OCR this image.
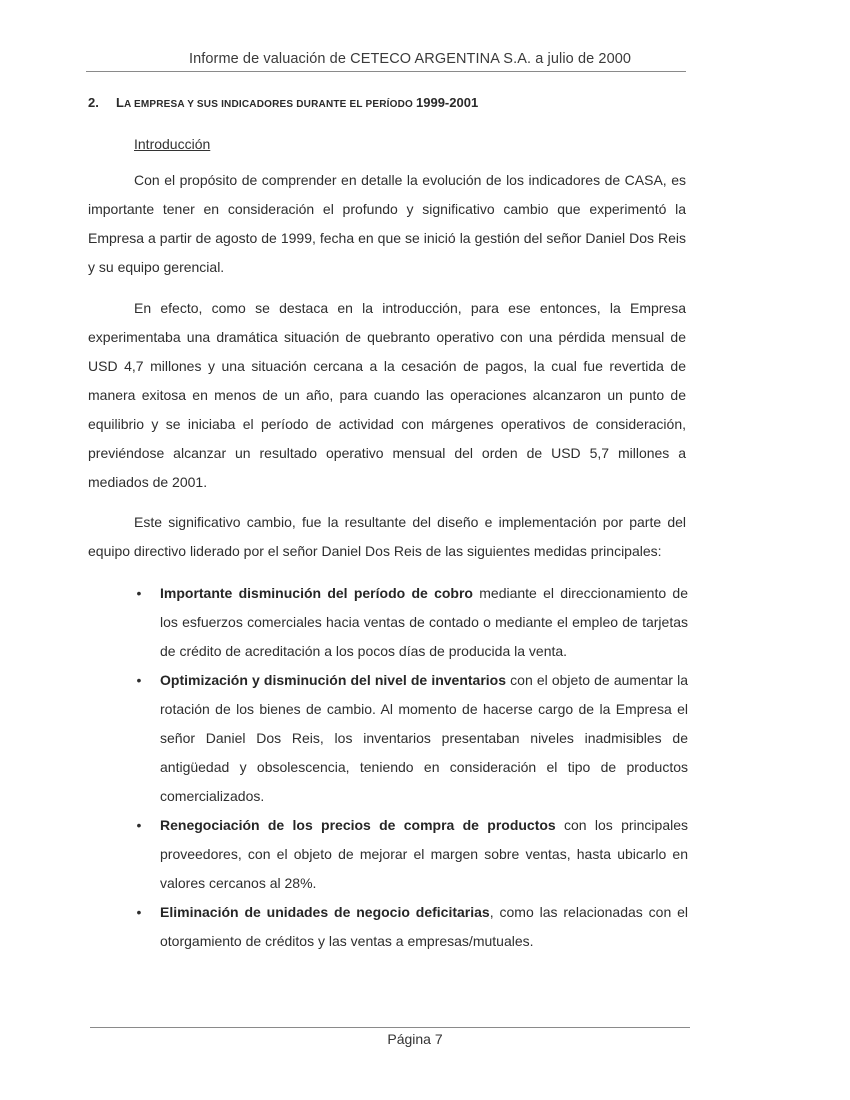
Informe de valuación de CETECO ARGENTINA S.A. a julio de 2000
2. LA EMPRESA Y SUS INDICADORES DURANTE EL PERÍODO 1999-2001
Introducción

Con el propósito de comprender en detalle la evolución de los indicadores de CASA, es importante tener en consideración el profundo y significativo cambio que experimentó la Empresa a partir de agosto de 1999, fecha en que se inició la gestión del señor Daniel Dos Reis y su equipo gerencial.

En efecto, como se destaca en la introducción, para ese entonces, la Empresa experimentaba una dramática situación de quebranto operativo con una pérdida mensual de USD 4,7 millones y una situación cercana a la cesación de pagos, la cual fue revertida de manera exitosa en menos de un año, para cuando las operaciones alcanzaron un punto de equilibrio y se iniciaba el período de actividad con márgenes operativos de consideración, previéndose alcanzar un resultado operativo mensual del orden de USD 5,7 millones a mediados de 2001.

Este significativo cambio, fue la resultante del diseño e implementación por parte del equipo directivo liderado por el señor Daniel Dos Reis de las siguientes medidas principales:

• Importante disminución del período de cobro mediante el direccionamiento de los esfuerzos comerciales hacia ventas de contado o mediante el empleo de tarjetas de crédito de acreditación a los pocos días de producida la venta.
• Optimización y disminución del nivel de inventarios con el objeto de aumentar la rotación de los bienes de cambio. Al momento de hacerse cargo de la Empresa el señor Daniel Dos Reis, los inventarios presentaban niveles inadmisibles de antigüedad y obsolescencia, teniendo en consideración el tipo de productos comercializados.
• Renegociación de los precios de compra de productos con los principales proveedores, con el objeto de mejorar el margen sobre ventas, hasta ubicarlo en valores cercanos al 28%.
• Eliminación de unidades de negocio deficitarias, como las relacionadas con el otorgamiento de créditos y las ventas a empresas/mutuales.
Página 7
